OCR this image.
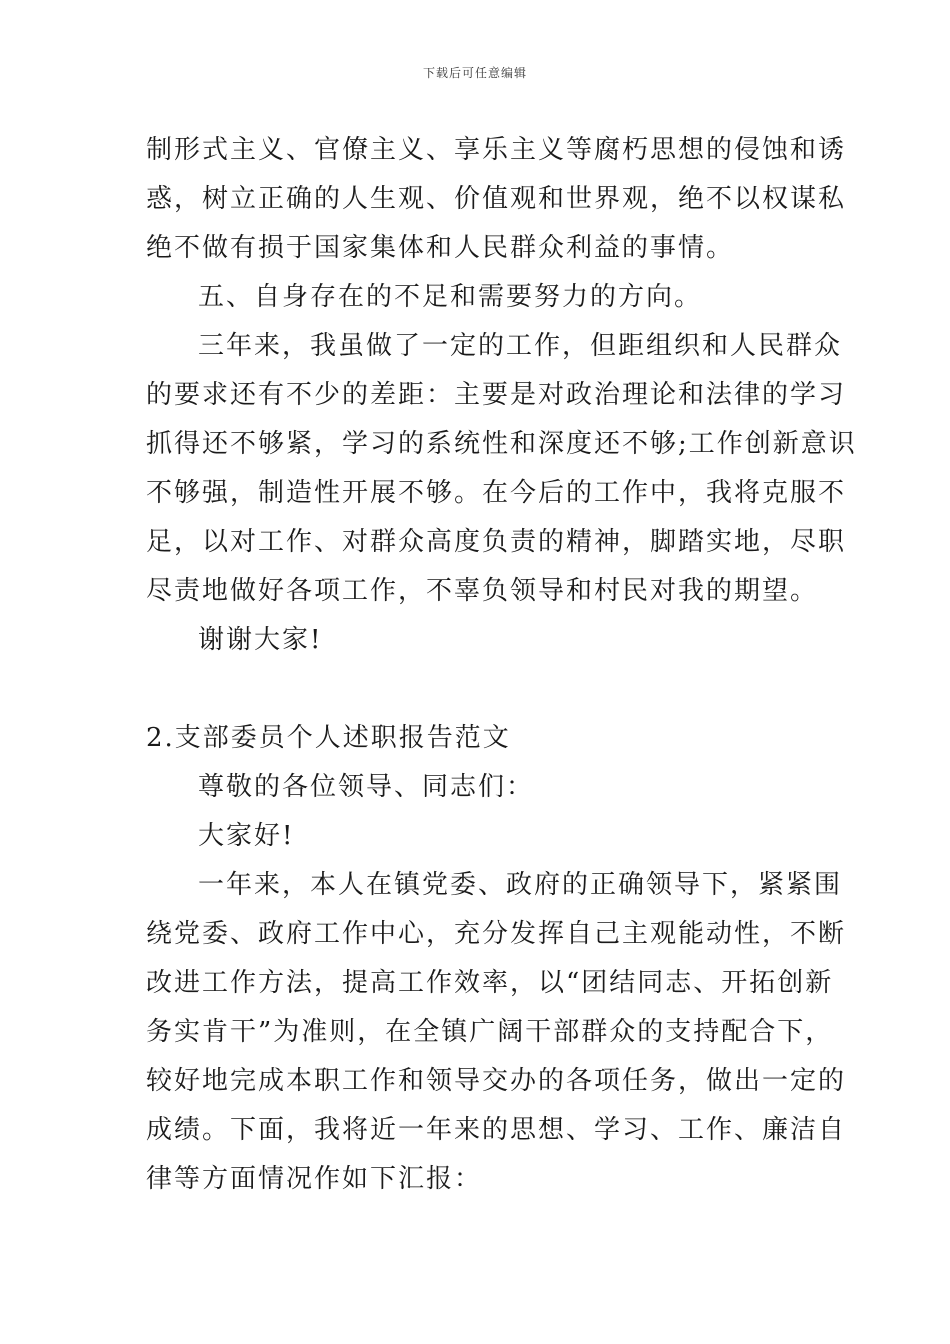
下载后可任意编辑
制形式主义、官僚主义、享乐主义等腐朽思想的侵蚀和诱
惑，树立正确的人生观、价值观和世界观，绝不以权谋私
绝不做有损于国家集体和人民群众利益的事情。
五、自身存在的不足和需要努力的方向。
三年来，我虽做了一定的工作，但距组织和人民群众
的要求还有不少的差距：主要是对政治理论和法律的学习
抓得还不够紧，学习的系统性和深度还不够;工作创新意识
不够强，制造性开展不够。在今后的工作中，我将克服不
足，以对工作、对群众高度负责的精神，脚踏实地，尽职
尽责地做好各项工作，不辜负领导和村民对我的期望。
谢谢大家!
2.支部委员个人述职报告范文
尊敬的各位领导、同志们：
大家好!
一年来，本人在镇党委、政府的正确领导下，紧紧围
绕党委、政府工作中心，充分发挥自己主观能动性，不断
改进工作方法，提高工作效率，以“团结同志、开拓创新
务实肯干”为准则，在全镇广阔干部群众的支持配合下，
较好地完成本职工作和领导交办的各项任务，做出一定的
成绩。下面，我将近一年来的思想、学习、工作、廉洁自
律等方面情况作如下汇报：
